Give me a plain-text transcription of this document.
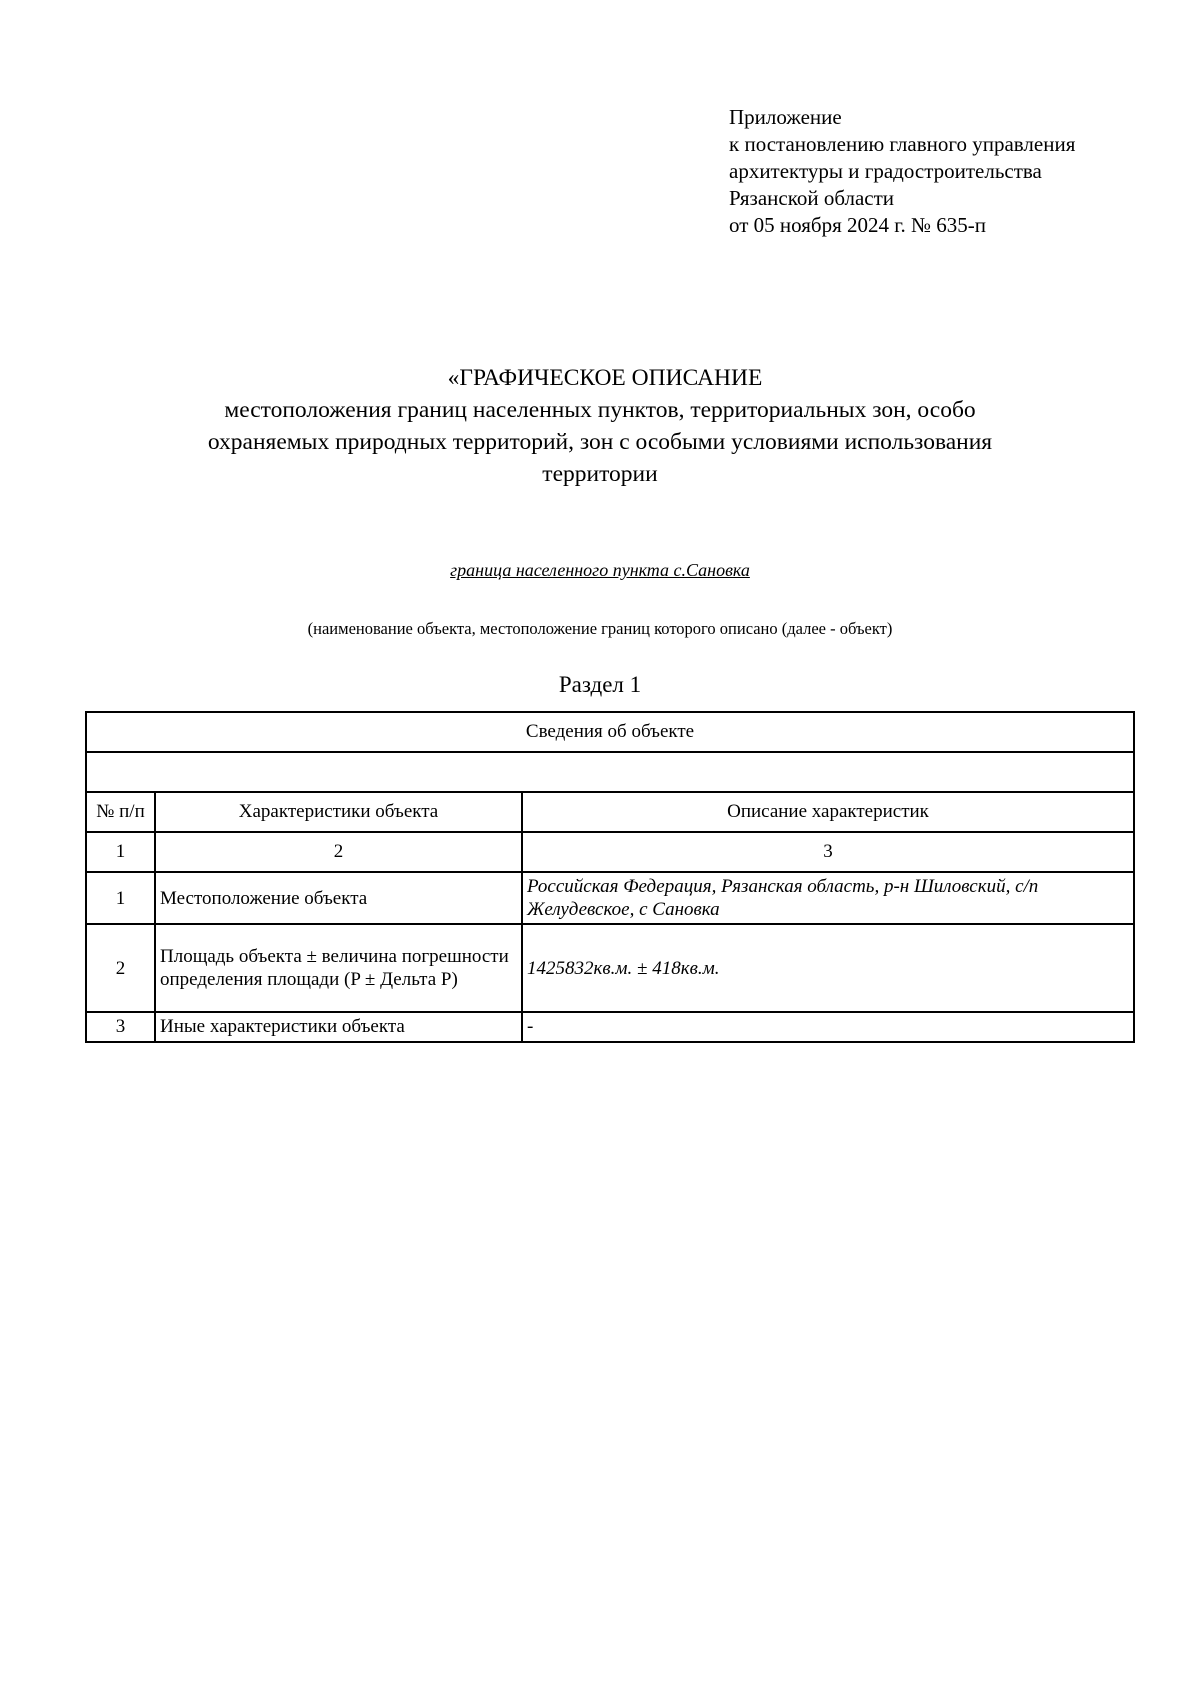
Приложение
к постановлению главного управления
архитектуры и градостроительства
Рязанской области
от 05 ноября 2024 г. № 635-п
«ГРАФИЧЕСКОЕ ОПИСАНИЕ
местоположения границ населенных пунктов, территориальных зон, особо
охраняемых природных территорий, зон с особыми условиями использования
территории
граница населенного пункта с.Сановка
(наименование объекта, местоположение границ которого описано (далее - объект)
Раздел 1
Сведения об объекте		

№ п/п	Характеристики объекта	Описание характеристик
1	2	3
1	Местоположение объекта	Российская Федерация, Рязанская область, р-н Шиловский, с/п Желудевское, с Сановка
2	Площадь объекта ± величина погрешности определения площади (P ± Дельта P)	1425832кв.м. ± 418кв.м.
3	Иные характеристики объекта	-
